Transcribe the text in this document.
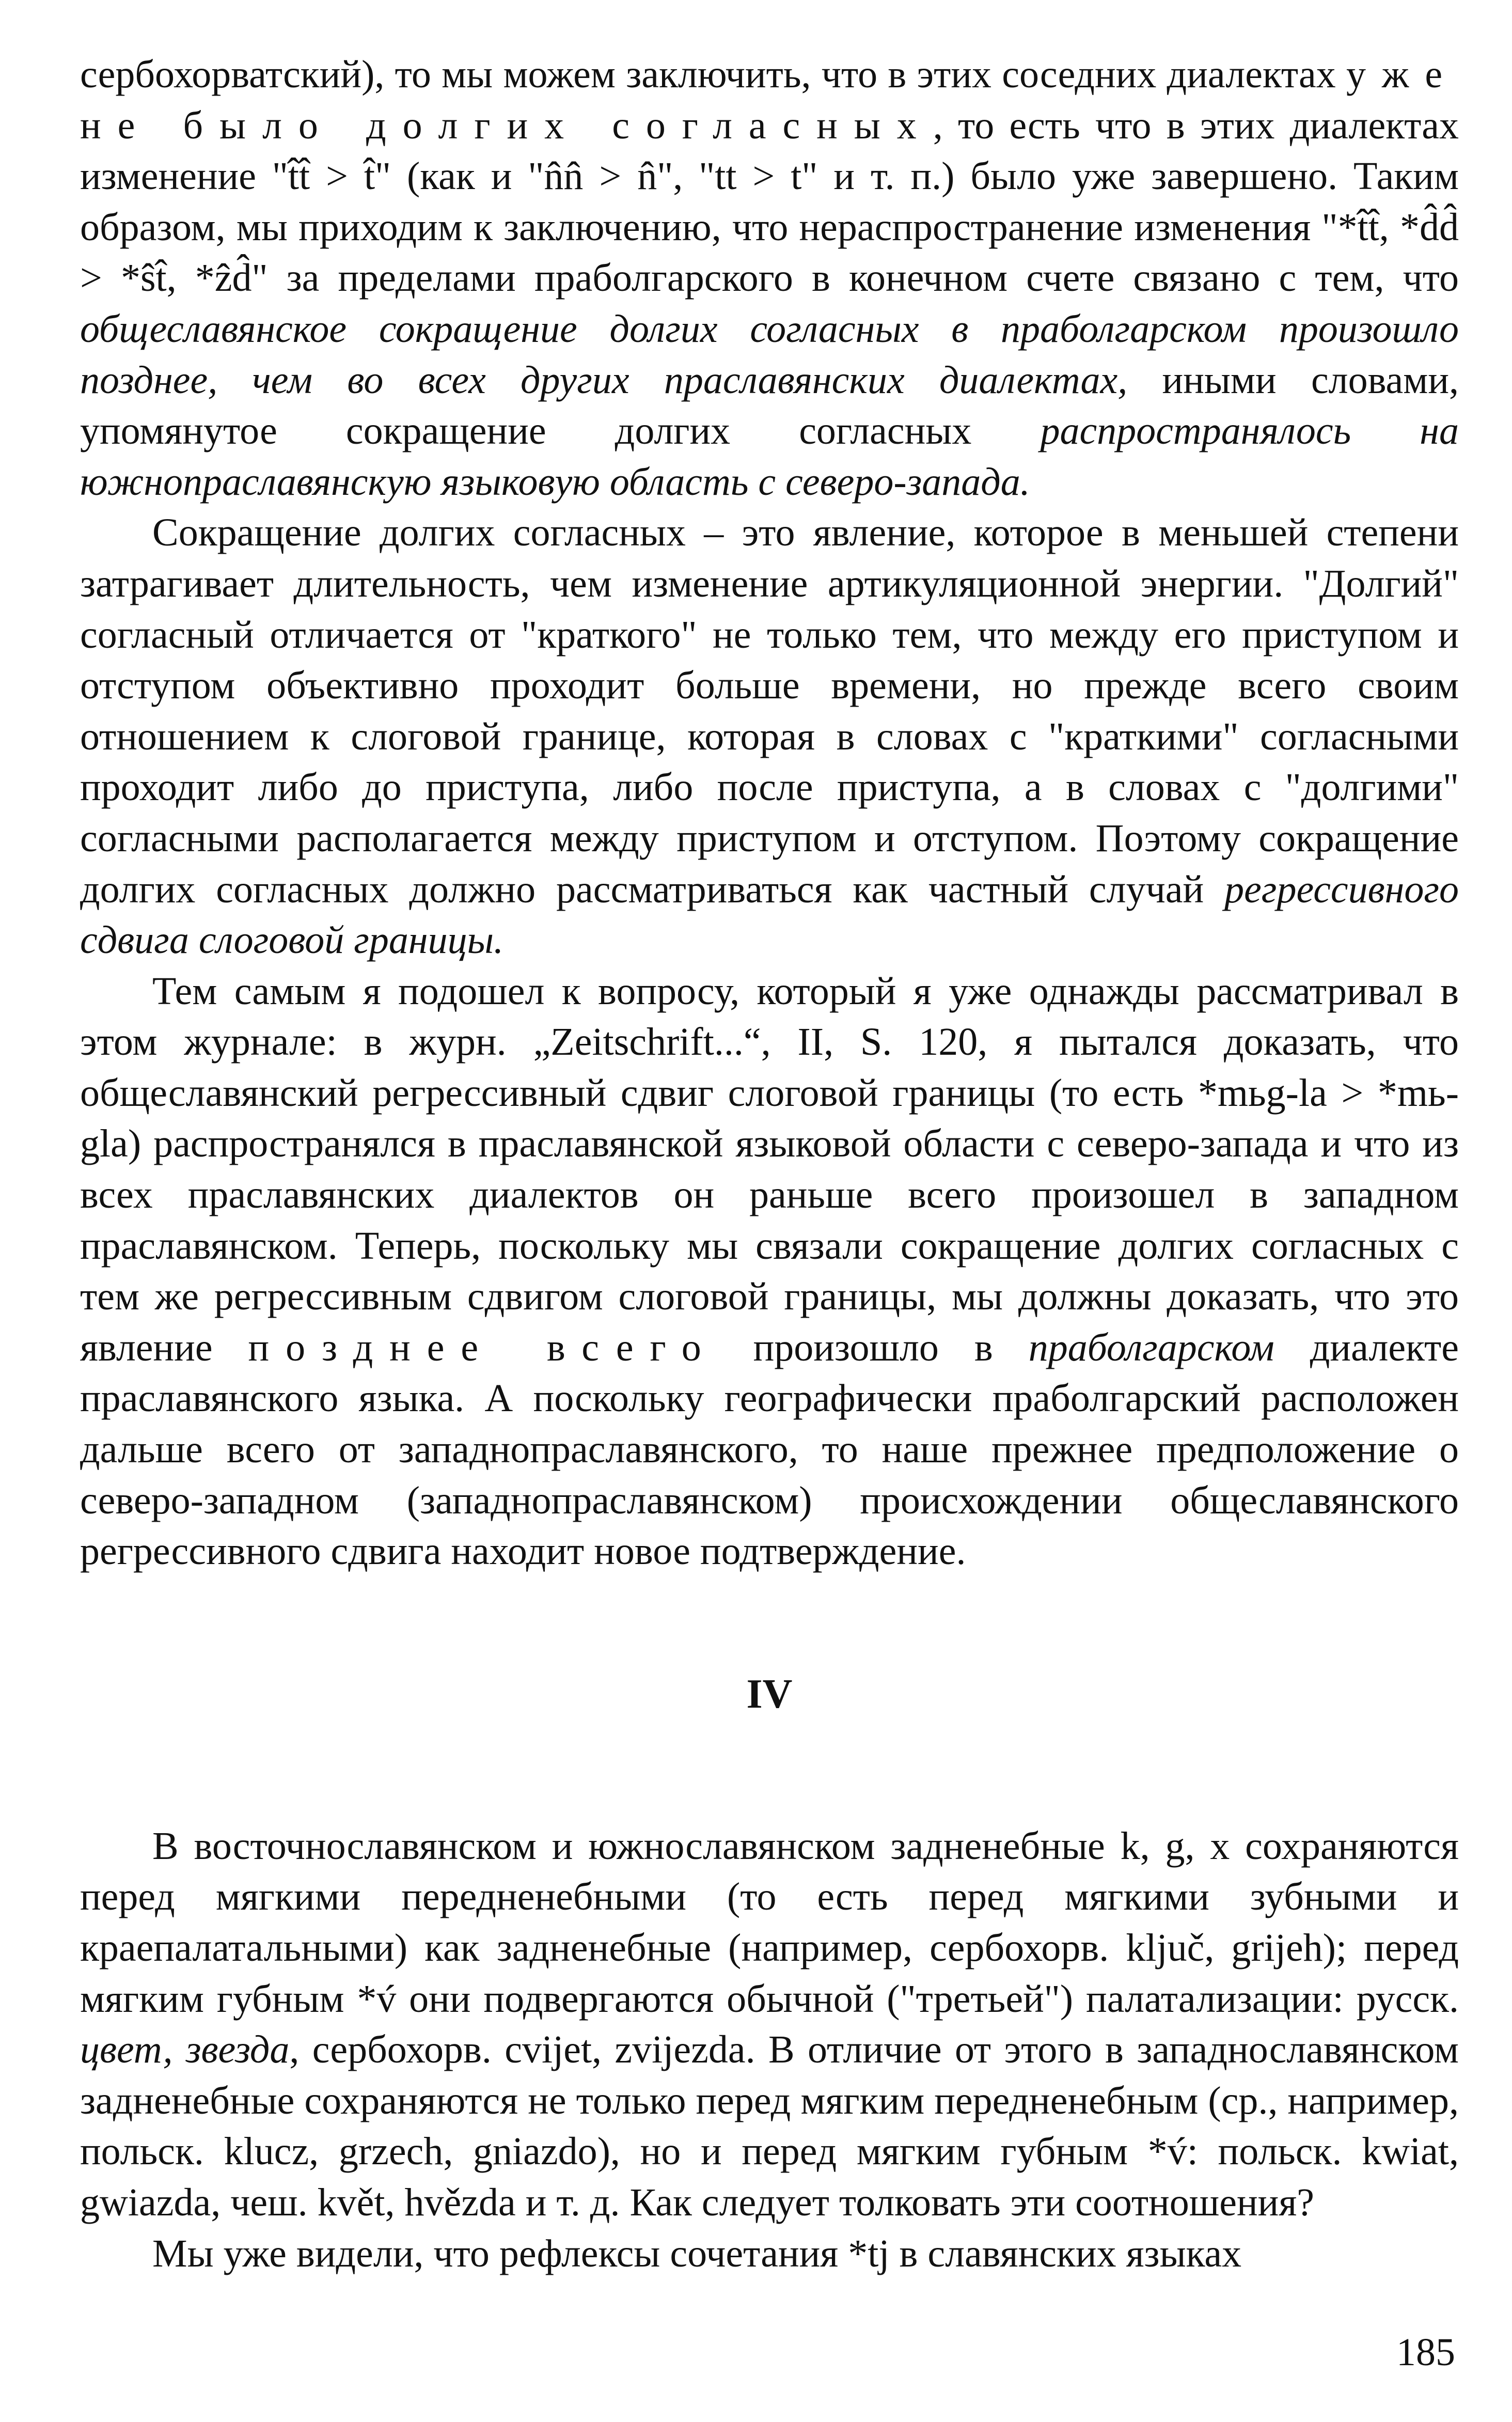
сербохорватский), то мы можем заключить, что в этих соседних диалектах уже не было долгих согласных, то есть что в этих диалектах изменение "t̂t̂ > t̂" (как и "n̂n̂ > n̂", "tt > t" и т. п.) было уже завершено. Таким образом, мы приходим к заключению, что нераспространение изменения "*t̂t̂, *d̂d̂ > *ŝt̂, *ẑd̂" за пределами праболгарского в конечном счете связано с тем, что общеславянское сокращение долгих согласных в праболгарском произошло позднее, чем во всех других праславянских диалектах, иными словами, упомянутое сокращение долгих согласных распространялось на южнопраславянскую языковую область с северо-запада.

Сокращение долгих согласных – это явление, которое в меньшей степени затрагивает длительность, чем изменение артикуляционной энергии. "Долгий" согласный отличается от "краткого" не только тем, что между его приступом и отступом объективно проходит больше времени, но прежде всего своим отношением к слоговой границе, которая в словах с "краткими" согласными проходит либо до приступа, либо после приступа, а в словах с "долгими" согласными располагается между приступом и отступом. Поэтому сокращение долгих согласных должно рассматриваться как частный случай регрессивного сдвига слоговой границы.

Тем самым я подошел к вопросу, который я уже однажды рассматривал в этом журнале: в журн. „Zeitschrift...“, II, S. 120, я пытался доказать, что общеславянский регрессивный сдвиг слоговой границы (то есть *mьg-la > *mь-gla) распространялся в праславянской языковой области с северо-запада и что из всех праславянских диалектов он раньше всего произошел в западном праславянском. Теперь, поскольку мы связали сокращение долгих согласных с тем же регрессивным сдвигом слоговой границы, мы должны доказать, что это явление позднее всего произошло в праболгарском диалекте праславянского языка. А поскольку географически праболгарский расположен дальше всего от западнопраславянского, то наше прежнее предположение о северо-западном (западнопраславянском) происхождении общеславянского регрессивного сдвига находит новое подтверждение.

IV

В восточнославянском и южнославянском задненебные k, g, x сохраняются перед мягкими передненебными (то есть перед мягкими зубными и краепалатальными) как задненебные (например, сербохорв. ključ, grijeh); перед мягким губным *v́ они подвергаются обычной ("третьей") палатализации: русск. цвет, звезда, сербохорв. cvijet, zvijezda. В отличие от этого в западнославянском задненебные сохраняются не только перед мягким передненебным (ср., например, польск. klucz, grzech, gniazdo), но и перед мягким губным *v́: польск. kwiat, gwiazda, чеш. květ, hvězda и т. д. Как следует толковать эти соотношения?

Мы уже видели, что рефлексы сочетания *tj в славянских языках

185
